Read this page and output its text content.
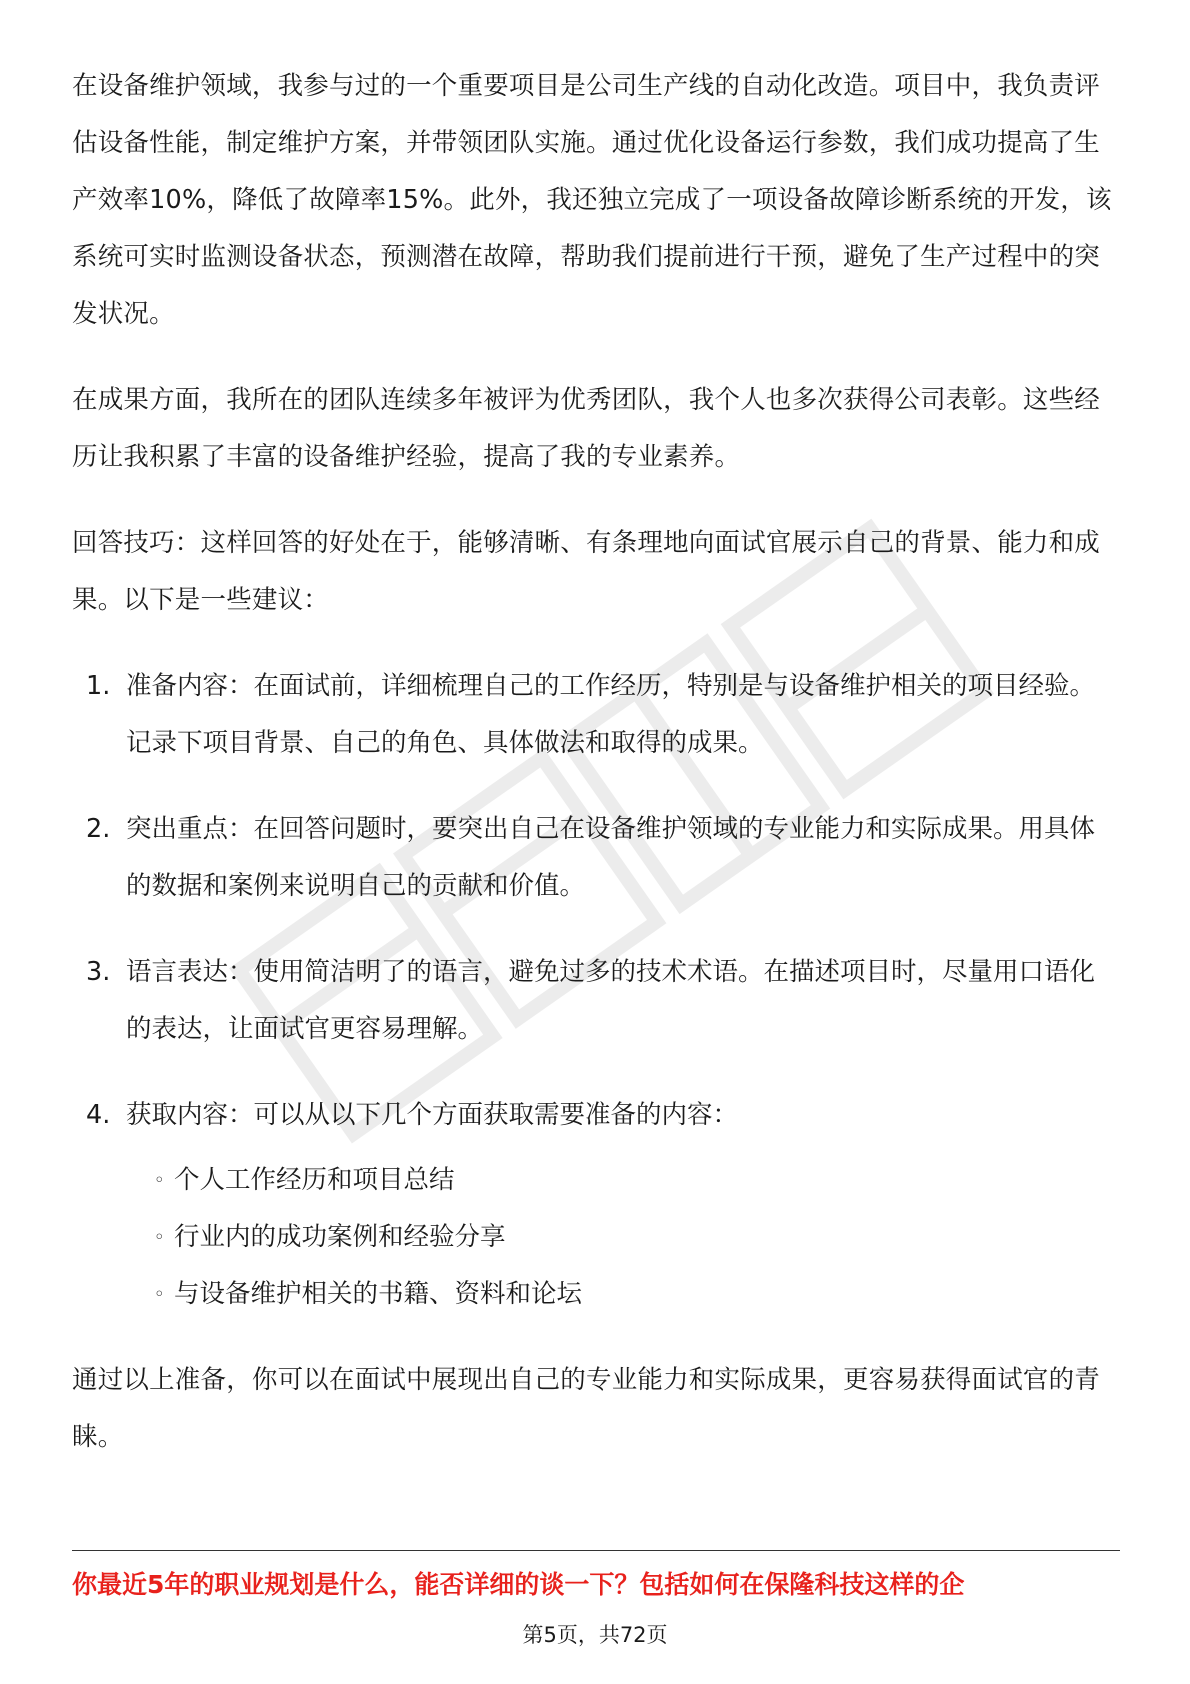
在设备维护领域，我参与过的一个重要项目是公司生产线的自动化改造。项目中，我负责评估设备性能，制定维护方案，并带领团队实施。通过优化设备运行参数，我们成功提高了生产效率10%，降低了故障率15%。此外，我还独立完成了一项设备故障诊断系统的开发，该系统可实时监测设备状态，预测潜在故障，帮助我们提前进行干预，避免了生产过程中的突发状况。

在成果方面，我所在的团队连续多年被评为优秀团队，我个人也多次获得公司表彰。这些经历让我积累了丰富的设备维护经验，提高了我的专业素养。

回答技巧：这样回答的好处在于，能够清晰、有条理地向面试官展示自己的背景、能力和成果。以下是一些建议：

1. 准备内容：在面试前，详细梳理自己的工作经历，特别是与设备维护相关的项目经验。记录下项目背景、自己的角色、具体做法和取得的成果。
2. 突出重点：在回答问题时，要突出自己在设备维护领域的专业能力和实际成果。用具体的数据和案例来说明自己的贡献和价值。
3. 语言表达：使用简洁明了的语言，避免过多的技术术语。在描述项目时，尽量用口语化的表达，让面试官更容易理解。
4. 获取内容：可以从以下几个方面获取需要准备的内容：
◦ 个人工作经历和项目总结
◦ 行业内的成功案例和经验分享
◦ 与设备维护相关的书籍、资料和论坛

通过以上准备，你可以在面试中展现出自己的专业能力和实际成果，更容易获得面试官的青睐。

你最近5年的职业规划是什么，能否详细的谈一下？包括如何在保隆科技这样的企
第5页，共72页
